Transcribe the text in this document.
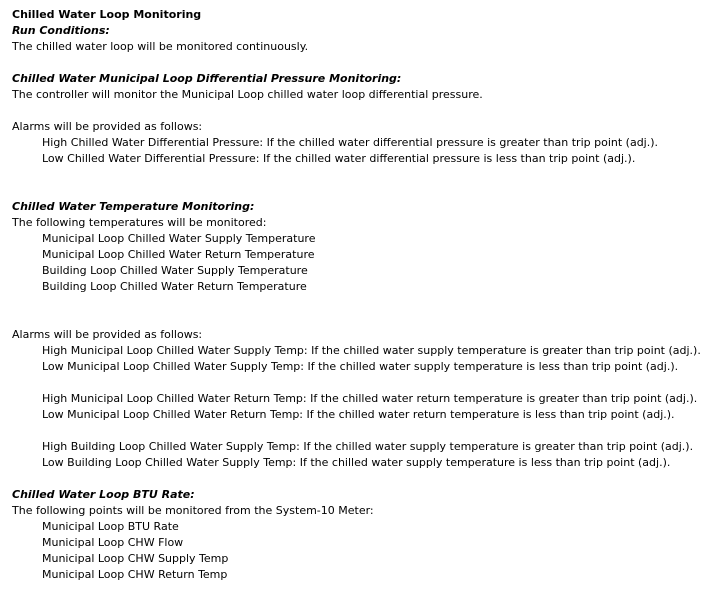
Chilled Water Loop Monitoring
Run Conditions:
The chilled water loop will be monitored continuously.
Chilled Water Municipal Loop Differential Pressure Monitoring:
The controller will monitor the Municipal Loop chilled water loop differential pressure.
Alarms will be provided as follows:
High Chilled Water Differential Pressure: If the chilled water differential pressure is greater than trip point (adj.).
Low Chilled Water Differential Pressure: If the chilled water differential pressure is less than trip point (adj.).
Chilled Water Temperature Monitoring:
The following temperatures will be monitored:
Municipal Loop Chilled Water Supply Temperature
Municipal Loop Chilled Water Return Temperature
Building Loop Chilled Water Supply Temperature
Building Loop Chilled Water Return Temperature
Alarms will be provided as follows:
High Municipal Loop Chilled Water Supply Temp: If the chilled water supply temperature is greater than trip point (adj.).
Low Municipal Loop Chilled Water Supply Temp: If the chilled water supply temperature is less than trip point (adj.).
High Municipal Loop Chilled Water Return Temp: If the chilled water return temperature is greater than trip point (adj.).
Low Municipal Loop Chilled Water Return Temp: If the chilled water return temperature is less than trip point (adj.).
High Building Loop Chilled Water Supply Temp: If the chilled water supply temperature is greater than trip point (adj.).
Low Building Loop Chilled Water Supply Temp: If the chilled water supply temperature is less than trip point (adj.).
Chilled Water Loop BTU Rate:
The following points will be monitored from the System-10 Meter:
Municipal Loop BTU Rate
Municipal Loop CHW Flow
Municipal Loop CHW Supply Temp
Municipal Loop CHW Return Temp
